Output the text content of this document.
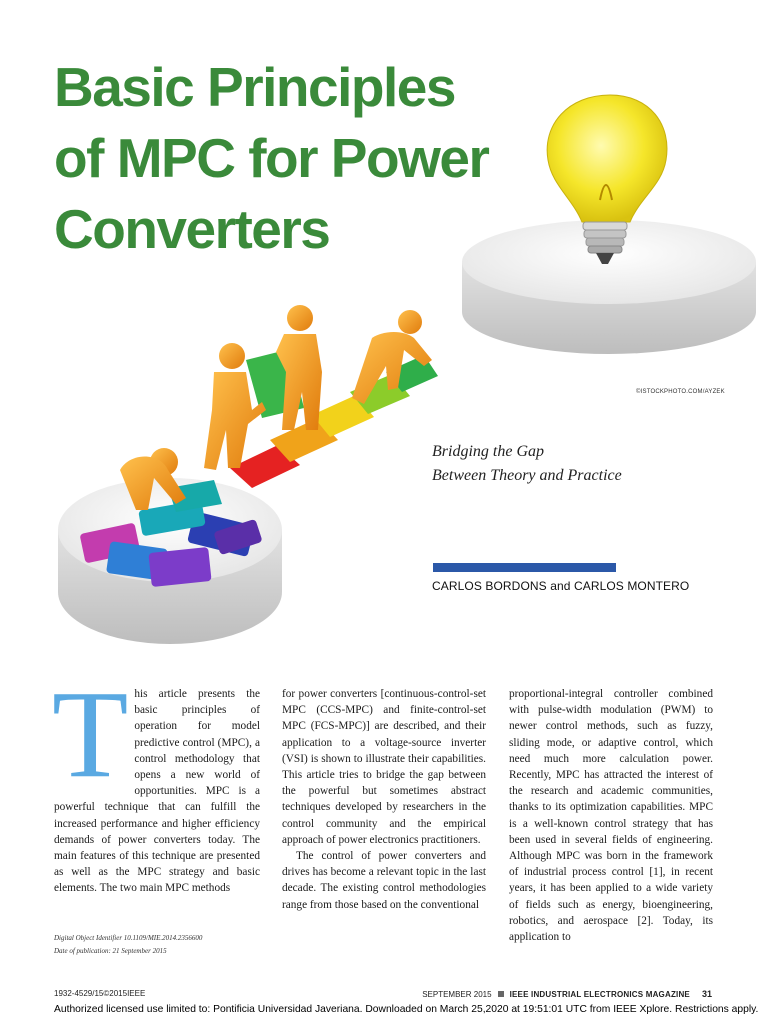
Basic Principles
of MPC for Power
Converters
©ISTOCKPHOTO.COM/AYZEK
Bridging the Gap
Between Theory and Practice
CARLOS BORDONS and CARLOS MONTERO
T his article presents the basic principles of operation for model predictive control (MPC), a control methodology that opens a new world of opportunities. MPC is a powerful technique that can fulfill the increased performance and higher efficiency demands of power converters today. The main features of this technique are presented as well as the MPC strategy and basic elements. The two main MPC methods

for power converters [continuous-control-set MPC (CCS-MPC) and finite-control-set MPC (FCS-MPC)] are described, and their application to a voltage-source inverter (VSI) is shown to illustrate their capabilities. This article tries to bridge the gap between the powerful but sometimes abstract techniques developed by researchers in the control community and the empirical approach of power electronics practitioners.

The control of power converters and drives has become a relevant topic in the last decade. The existing control methodologies range from those based on the conventional

proportional-integral controller combined with pulse-width modulation (PWM) to newer control methods, such as fuzzy, sliding mode, or adaptive control, which need much more calculation power. Recently, MPC has attracted the interest of the research and academic communities, thanks to its optimization capabilities. MPC is a well-known control strategy that has been used in several fields of engineering. Although MPC was born in the framework of industrial process control [1], in recent years, it has been applied to a wide variety of fields such as energy, bioengineering, robotics, and aerospace [2]. Today, its application to

Digital Object Identifier 10.1109/MIE.2014.2356600
Date of publication: 21 September 2015
1932-4529/15©2015IEEE	SEPTEMBER 2015 IEEE INDUSTRIAL ELECTRONICS MAGAZINE 31
Authorized licensed use limited to: Pontificia Universidad Javeriana. Downloaded on March 25,2020 at 19:51:01 UTC from IEEE Xplore. Restrictions apply.
